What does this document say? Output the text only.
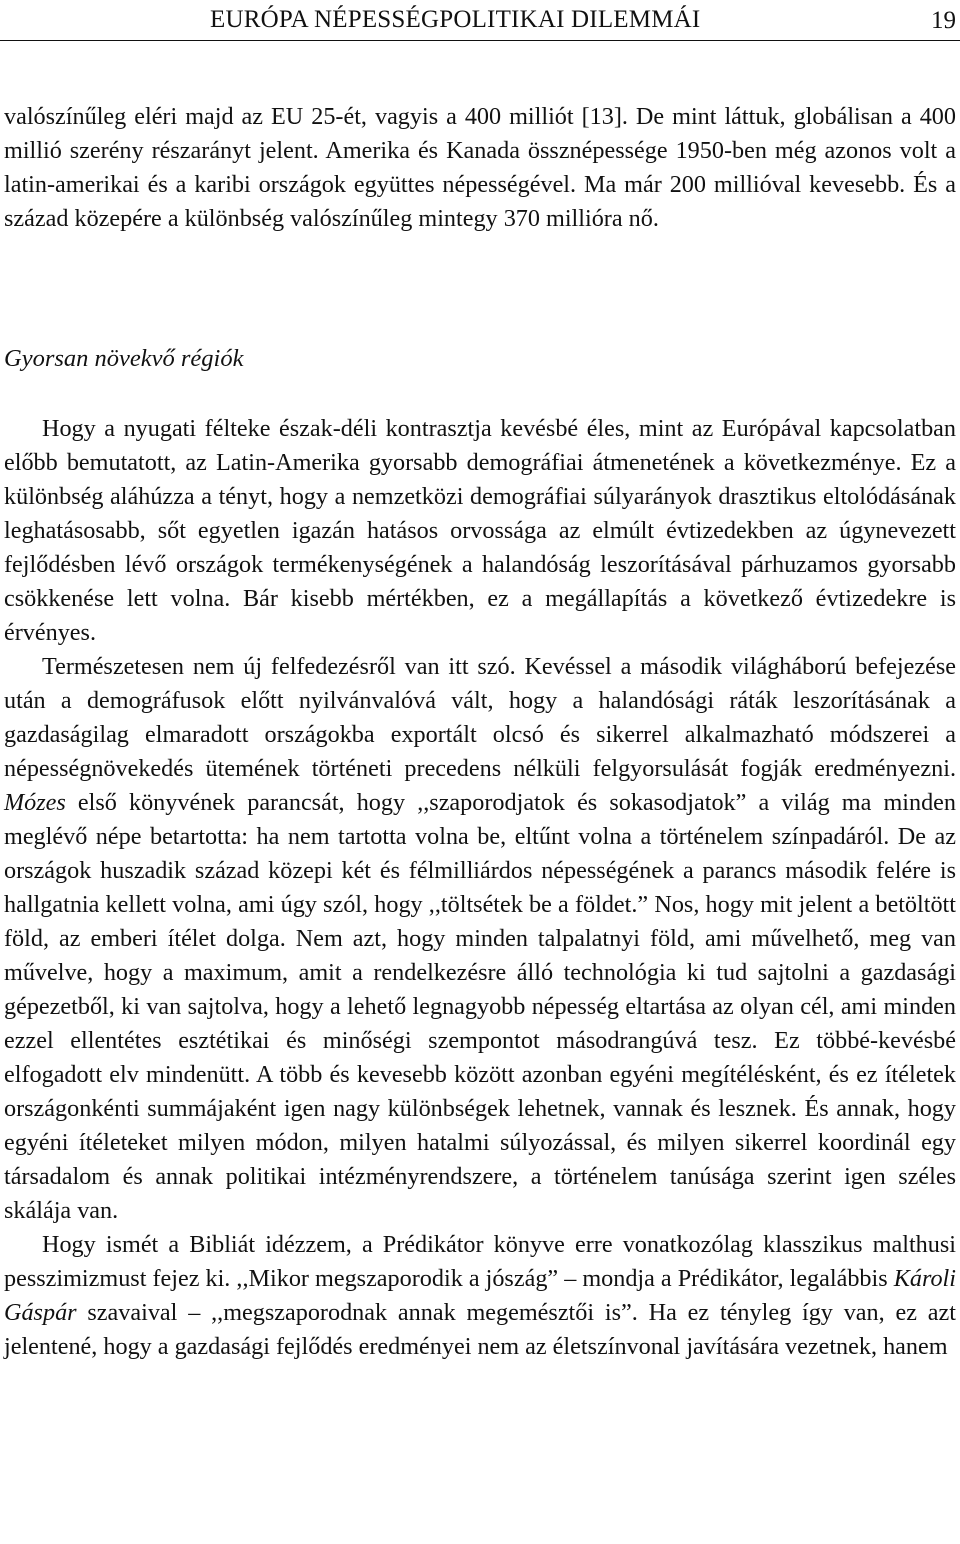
EURÓPA NÉPESSÉGPOLITIKAI DILEMMÁI	19

valószínűleg eléri majd az EU 25-ét, vagyis a 400 milliót [13]. De mint láttuk, globálisan a 400 millió szerény részarányt jelent. Amerika és Kanada össznépessége 1950-ben még azonos volt a latin-amerikai és a karibi országok együttes népességével. Ma már 200 millióval kevesebb. És a század közepére a különbség valószínűleg mintegy 370 millióra nő.

Gyorsan növekvő régiók
Hogy a nyugati félteke észak-déli kontrasztja kevésbé éles, mint az Európával kapcsolatban előbb bemutatott, az Latin-Amerika gyorsabb demográfiai átmenetének a következménye. Ez a különbség aláhúzza a tényt, hogy a nemzetközi demográfiai súlyarányok drasztikus eltolódásának leghatásosabb, sőt egyetlen igazán hatásos orvossága az elmúlt évtizedekben az úgynevezett fejlődésben lévő országok termékenységének a halandóság leszorításával párhuzamos gyorsabb csökkenése lett volna. Bár kisebb mértékben, ez a megállapítás a következő évtizedekre is érvényes.
Természetesen nem új felfedezésről van itt szó. Kevéssel a második világháború befejezése után a demográfusok előtt nyilvánvalóvá vált, hogy a halandósági ráták leszorításának a gazdaságilag elmaradott országokba exportált olcsó és sikerrel alkalmazható módszerei a népességnövekedés ütemének történeti precedens nélküli felgyorsulását fogják eredményezni. Mózes első könyvének parancsát, hogy ,,szaporodjatok és sokasodjatok” a világ ma minden meglévő népe betartotta: ha nem tartotta volna be, eltűnt volna a történelem színpadáról. De az országok huszadik század közepi két és félmilliárdos népességének a parancs második felére is hallgatnia kellett volna, ami úgy szól, hogy ,,töltsétek be a földet.” Nos, hogy mit jelent a betöltött föld, az emberi ítélet dolga. Nem azt, hogy minden talpalatnyi föld, ami művelhető, meg van művelve, hogy a maximum, amit a rendelkezésre álló technológia ki tud sajtolni a gazdasági gépezetből, ki van sajtolva, hogy a lehető legnagyobb népesség eltartása az olyan cél, ami minden ezzel ellentétes esztétikai és minőségi szempontot másodrangúvá tesz. Ez többé-kevésbé elfogadott elv mindenütt. A több és kevesebb között azonban egyéni megítélésként, és ez ítéletek országonkénti summájaként igen nagy különbségek lehetnek, vannak és lesznek. És annak, hogy egyéni ítéleteket milyen módon, milyen hatalmi súlyozással, és milyen sikerrel koordinál egy társadalom és annak politikai intézményrendszere, a történelem tanúsága szerint igen széles skálája van.
Hogy ismét a Bibliát idézzem, a Prédikátor könyve erre vonatkozólag klasszikus malthusi pesszimizmust fejez ki. ,,Mikor megszaporodik a jószág” – mondja a Prédikátor, legalábbis Károli Gáspár szavaival – ,,megszaporodnak annak megemésztői is”. Ha ez tényleg így van, ez azt jelentené, hogy a gazdasági fejlődés eredményei nem az életszínvonal javítására vezetnek, hanem
